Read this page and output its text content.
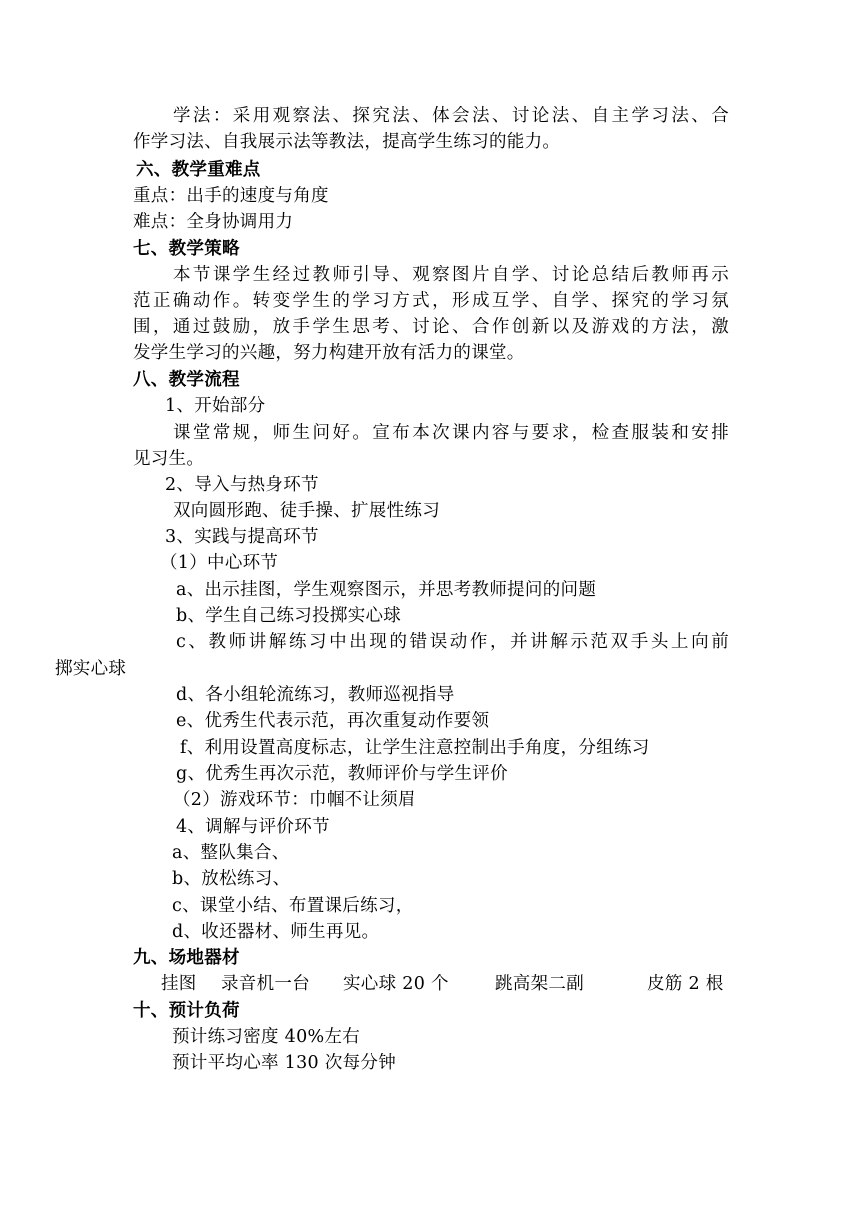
学法：采用观察法、探究法、体会法、讨论法、自主学习法、合
作学习法、自我展示法等教法，提高学生练习的能力。
六、教学重难点
重点：出手的速度与角度
难点：全身协调用力
七、教学策略
本节课学生经过教师引导、观察图片自学、讨论总结后教师再示
范正确动作。转变学生的学习方式，形成互学、自学、探究的学习氛
围，通过鼓励，放手学生思考、讨论、合作创新以及游戏的方法，激
发学生学习的兴趣，努力构建开放有活力的课堂。
八、教学流程
1、开始部分
课堂常规，师生问好。宣布本次课内容与要求，检查服装和安排
见习生。
2、导入与热身环节
双向圆形跑、徒手操、扩展性练习
3、实践与提高环节
（1）中心环节
a、出示挂图，学生观察图示，并思考教师提问的问题
b、学生自己练习投掷实心球
c、教师讲解练习中出现的错误动作，并讲解示范双手头上向前
掷实心球
d、各小组轮流练习，教师巡视指导
e、优秀生代表示范，再次重复动作要领
f、利用设置高度标志，让学生注意控制出手角度，分组练习
g、优秀生再次示范，教师评价与学生评价
（2）游戏环节：巾帼不让须眉
4、调解与评价环节
a、整队集合、
b、放松练习、
c、课堂小结、布置课后练习，
d、收还器材、师生再见。
九、场地器材
挂图 录音机一台 实心球 20 个	跳高架二副	皮筋 2 根
十、预计负荷
预计练习密度 40%左右
预计平均心率 130 次每分钟
